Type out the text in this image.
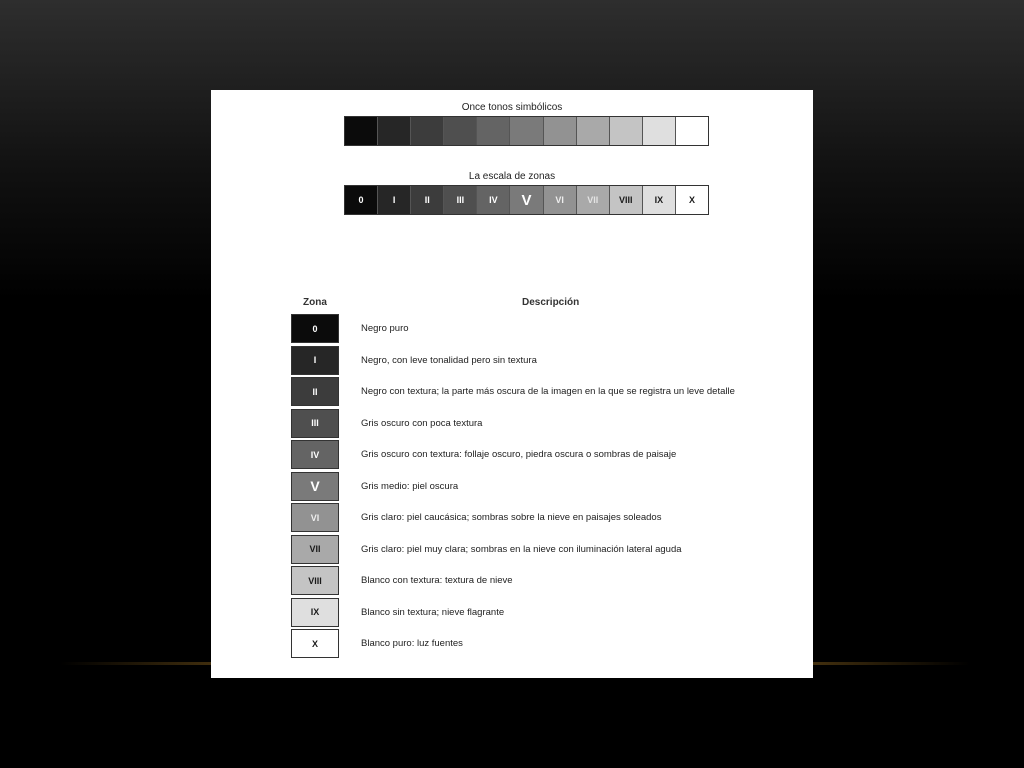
Once tonos simbólicos
La escala de zonas
0	I	II	III	IV	V	VI	VII	VIII	IX	X
Zona	Descripción
0	Negro puro
I	Negro, con leve tonalidad pero sin textura
II	Negro con textura; la parte más oscura de la imagen en la que se registra un leve detalle
III	Gris oscuro con poca textura
IV	Gris oscuro con textura: follaje oscuro, piedra oscura o sombras de paisaje
V	Gris medio: piel oscura
VI	Gris claro: piel caucásica; sombras sobre la nieve en paisajes soleados
VII	Gris claro: piel muy clara; sombras en la nieve con iluminación lateral aguda
VIII	Blanco con textura: textura de nieve
IX	Blanco sin textura; nieve flagrante
X	Blanco puro: luz fuentes
